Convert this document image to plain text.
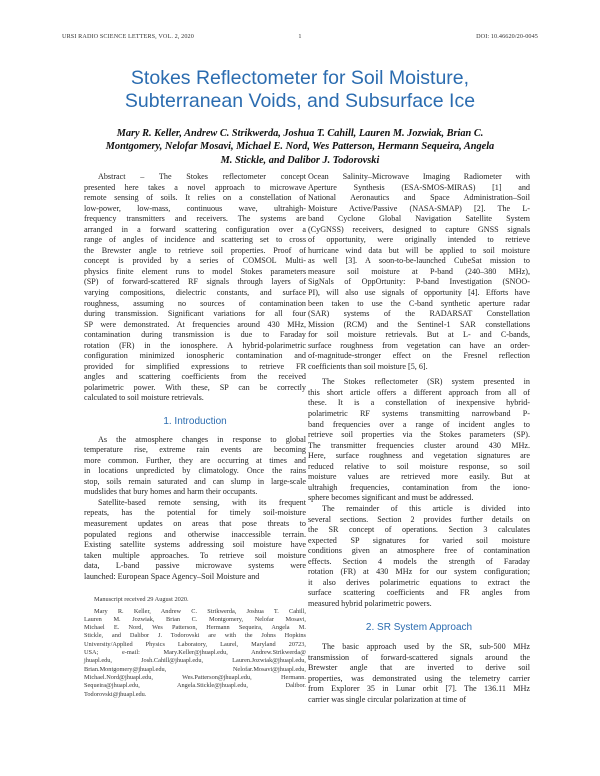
URSI RADIO SCIENCE LETTERS, VOL. 2, 2020	1	DOI: 10.46620/20-0045
Stokes Reflectometer for Soil Moisture,
Subterranean Voids, and Subsurface Ice
Mary R. Keller, Andrew C. Strikwerda, Joshua T. Cahill, Lauren M. Jozwiak, Brian C.
Montgomery, Nelofar Mosavi, Michael E. Nord, Wes Patterson, Hermann Sequeira, Angela
M. Stickle, and Dalibor J. Todorovski
Abstract – The Stokes reflectometer concept
presented here takes a novel approach to microwave
remote sensing of soils. It relies on a constellation of
low-power, low-mass, continuous wave, ultrahigh-
frequency transmitters and receivers. The systems are
arranged in a forward scattering configuration over a
range of angles of incidence and scattering set to cross
the Brewster angle to retrieve soil properties. Proof of
concept is provided by a series of COMSOL Multi-
physics finite element runs to model Stokes parameters
(SP) of forward-scattered RF signals through layers of
varying compositions, dielectric constants, and surface
roughness, assuming no sources of contamination
during transmission. Significant variations for all four
SP were demonstrated. At frequencies around 430 MHz,
contamination during transmission is due to Faraday
rotation (FR) in the ionosphere. A hybrid-polarimetric
configuration minimized ionospheric contamination and
provided for simplified expressions to retrieve FR
angles and scattering coefficients from the received
polarimetric power. With these, SP can be correctly
calculated to soil moisture retrievals.
1. Introduction
As the atmosphere changes in response to global
temperature rise, extreme rain events are becoming
more common. Further, they are occurring at times and
in locations unpredicted by climatology. Once the rains
stop, soils remain saturated and can slump in large-scale
mudslides that bury homes and harm their occupants.
Satellite-based remote sensing, with its frequent
repeats, has the potential for timely soil-moisture
measurement updates on areas that pose threats to
populated regions and otherwise inaccessible terrain.
Existing satellite systems addressing soil moisture have
taken multiple approaches. To retrieve soil moisture
data, L-band passive microwave systems were
launched: European Space Agency–Soil Moisture and
Manuscript received 29 August 2020.
Mary R. Keller, Andrew C. Strikwerda, Joshua T. Cahill,
Lauren M. Jozwiak, Brian C. Montgomery, Nelofar Mosavi,
Michael E. Nord, Wes Patterson, Hermann Sequeira, Angela M.
Stickle, and Dalibor J. Todorovski are with the Johns Hopkins
University/Applied Physics Laboratory, Laurel, Maryland 20723,
USA; e-mail: Mary.Keller@jhuapl.edu, Andrew.Strikwerda@
jhuapl.edu, Josh.Cahill@jhuapl.edu, Lauren.Jozwiak@jhuapl.edu,
Brian.Montgomery@jhuapl.edu, Nelofar.Mosavi@jhuapl.edu,
Michael.Nord@jhuapl.edu, Wes.Patterson@jhuapl.edu, Hermann.
Sequeira@jhuapl.edu, Angela.Stickle@jhuapl.edu, Dalibor.
Todorovski@jhuapl.edu.
Ocean Salinity–Microwave Imaging Radiometer with
Aperture Synthesis (ESA-SMOS-MIRAS) [1] and
National Aeronautics and Space Administration–Soil
Moisture Active/Passive (NASA-SMAP) [2]. The L-
band Cyclone Global Navigation Satellite System
(CyGNSS) receivers, designed to capture GNSS signals
of opportunity, were originally intended to retrieve
hurricane wind data but will be applied to soil moisture
as well [3]. A soon-to-be-launched CubeSat mission to
measure soil moisture at P-band (240–380 MHz),
SigNals of OppOrtunity: P-band Investigation (SNOO-
PI), will also use signals of opportunity [4]. Efforts have
been taken to use the C-band synthetic aperture radar
(SAR) systems of the RADARSAT Constellation
Mission (RCM) and the Sentinel-1 SAR constellations
for soil moisture retrievals. But at L- and C-bands,
surface roughness from vegetation can have an order-
of-magnitude-stronger effect on the Fresnel reflection
coefficients than soil moisture [5, 6].
The Stokes reflectometer (SR) system presented in
this short article offers a different approach from all of
these. It is a constellation of inexpensive hybrid-
polarimetric RF systems transmitting narrowband P-
band frequencies over a range of incident angles to
retrieve soil properties via the Stokes parameters (SP).
The transmitter frequencies cluster around 430 MHz.
Here, surface roughness and vegetation signatures are
reduced relative to soil moisture response, so soil
moisture values are retrieved more easily. But at
ultrahigh frequencies, contamination from the iono-
sphere becomes significant and must be addressed.
The remainder of this article is divided into
several sections. Section 2 provides further details on
the SR concept of operations. Section 3 calculates
expected SP signatures for varied soil moisture
conditions given an atmosphere free of contamination
effects. Section 4 models the strength of Faraday
rotation (FR) at 430 MHz for our system configuration;
it also derives polarimetric equations to extract the
surface scattering coefficients and FR angles from
measured hybrid polarimetric powers.
2. SR System Approach
The basic approach used by the SR, sub-500 MHz
transmission of forward-scattered signals around the
Brewster angle that are inverted to derive soil
properties, was demonstrated using the telemetry carrier
from Explorer 35 in Lunar orbit [7]. The 136.11 MHz
carrier was single circular polarization at time of
